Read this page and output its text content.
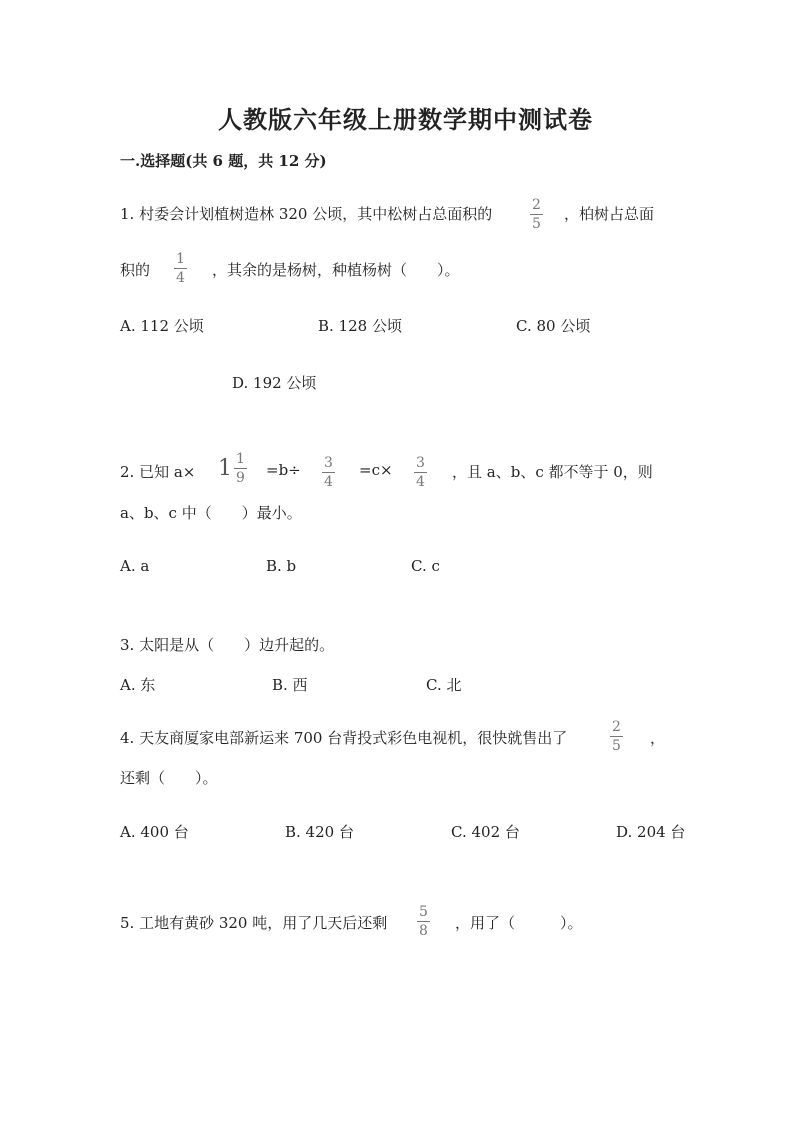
人教版六年级上册数学期中测试卷
一.选择题(共 6 题，共 12 分)
1. 村委会计划植树造林 320 公顷，其中松树占总面积的	2
5
，柏树占总面
积的
1
4 ，其余的是杨树，种植杨树（　　）。
A. 112 公顷	B. 128 公顷	C. 80 公顷
D. 192 公顷
2. 已知 $a\times 1 \frac{1}{9} =b\div 3$
4
=c× 3
4
，且 a、b、c 都不等于 0，则
a、b、c 中（　　）最小。
A. a	B. b	C. c
3. 太阳是从（　　）边升起的。
A. 东	B. 西	C. 北
4. 天友商厦家电部新运来 700 台背投式彩色电视机，很快就售出了
2
5 ，
还剩（　　）。
A. 400 台	B. 420 台	C. 402 台	D. 204 台
5. 工地有黄砂 320 吨，用了几天后还剩
5
8 ，用了（　　　）。
